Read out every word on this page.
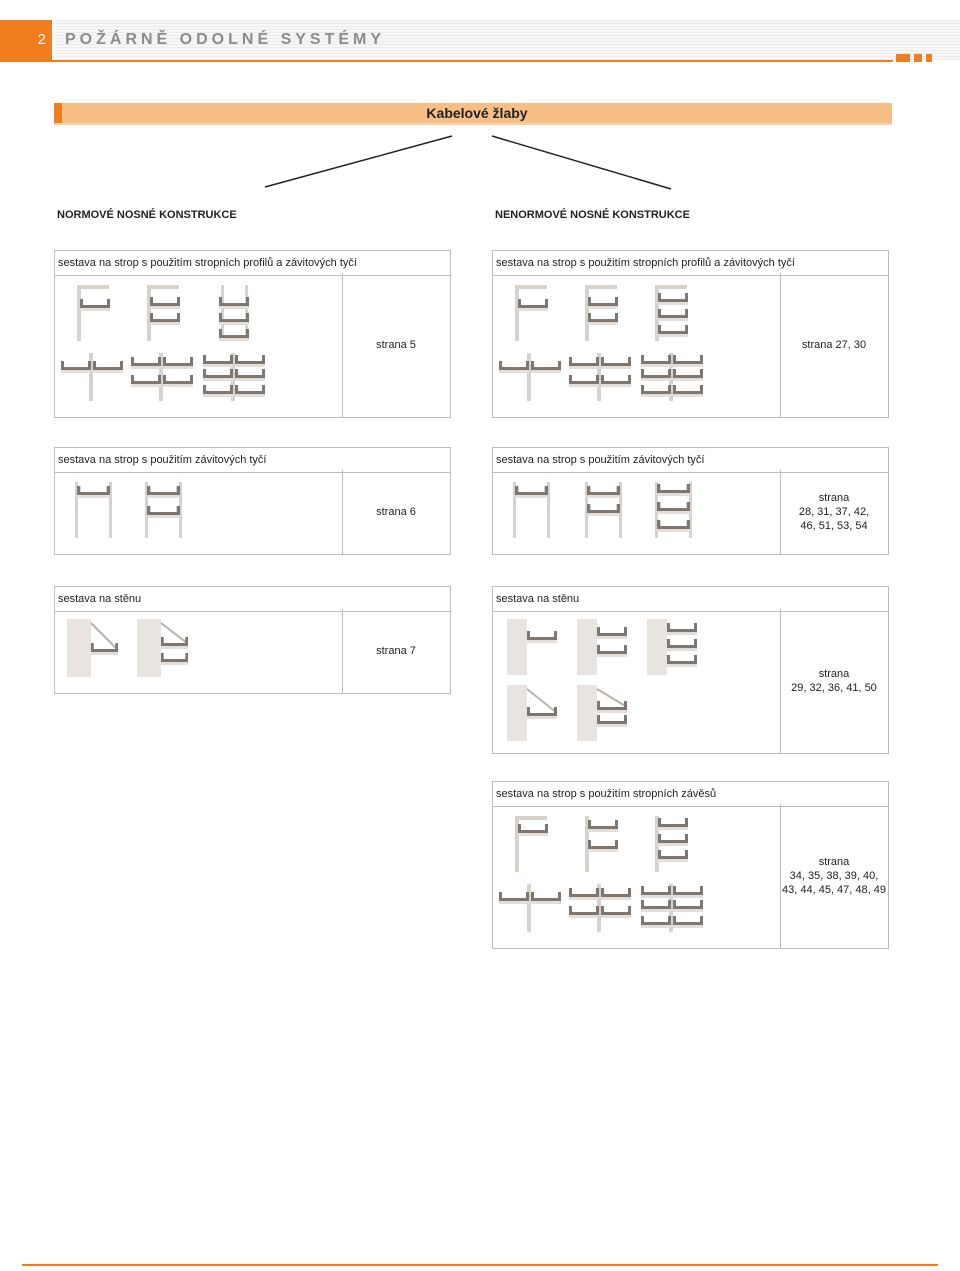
2	POŽÁRNĚ ODOLNÉ SYSTÉMY
Kabelové žlaby
NORMOVÉ NOSNÉ KONSTRUKCE	NENORMOVÉ NOSNÉ KONSTRUKCE
sestava na strop s použitím stropních profilů a závitových tyčí
strana 5
sestava na strop s použitím závitových tyčí
strana 6
sestava na stěnu
strana 7
sestava na strop s použitím stropních profilů a závitových tyčí
strana 27, 30
sestava na strop s použitím závitových tyčí
strana
28, 31, 37, 42,
46, 51, 53, 54
sestava na stěnu
strana
29, 32, 36, 41, 50
sestava na strop s použitím stropních závěsů
strana
34, 35, 38, 39, 40,
43, 44, 45, 47, 48, 49
